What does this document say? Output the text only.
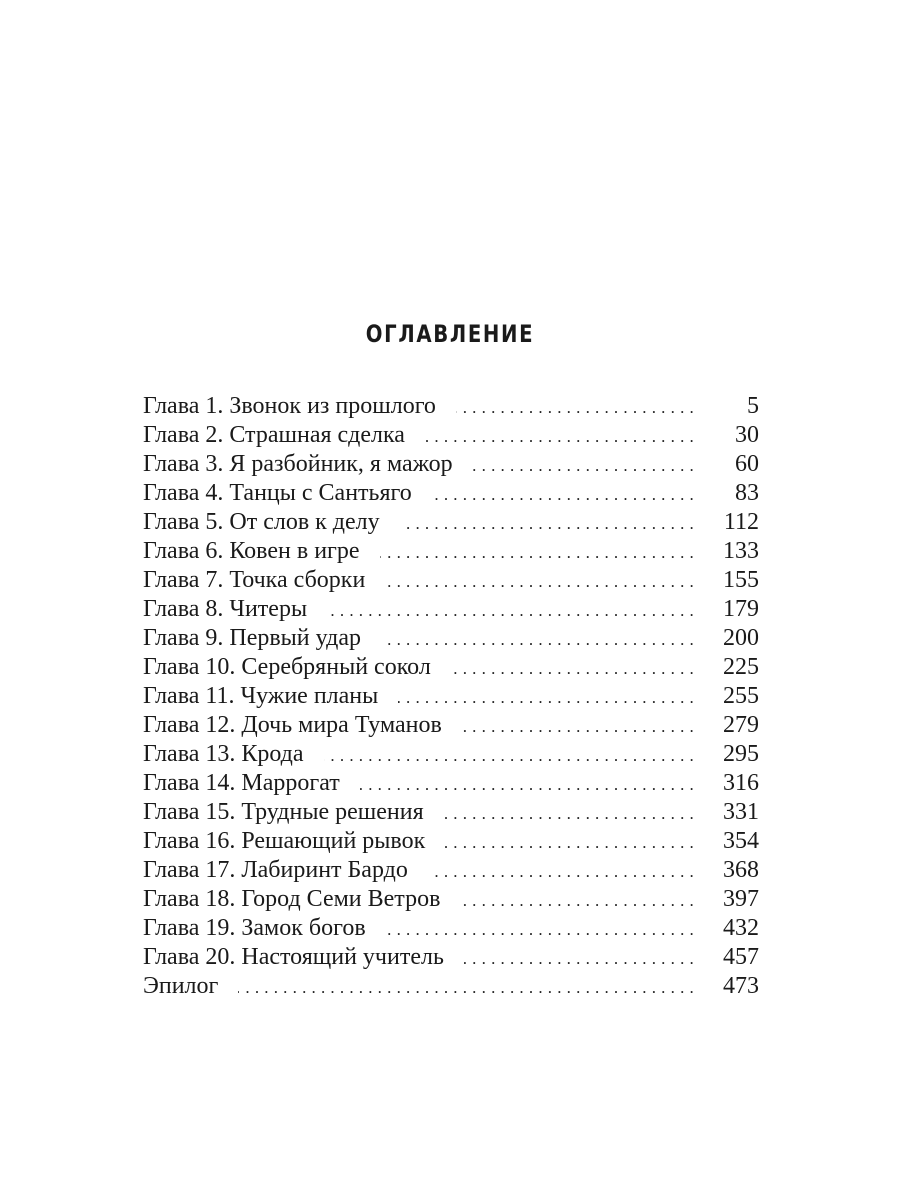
ОГЛАВЛЕНИЕ
Глава 1. Звонок из прошлого .....	5
Глава 2. Страшная сделка .....	30
Глава 3. Я разбойник, я мажор .....	60
Глава 4. Танцы с Сантьяго .....	83
Глава 5. От слов к делу .....	112
Глава 6. Ковен в игре .....	133
Глава 7. Точка сборки .....	155
Глава 8. Читеры .....	179
Глава 9. Первый удар .....	200
Глава 10. Серебряный сокол .....	225
Глава 11. Чужие планы .....	255
Глава 12. Дочь мира Туманов .....	279
Глава 13. Крода .....	295
Глава 14. Маррогат .....	316
Глава 15. Трудные решения .....	331
Глава 16. Решающий рывок .....	354
Глава 17. Лабиринт Бардо .....	368
Глава 18. Город Семи Ветров .....	397
Глава 19. Замок богов .....	432
Глава 20. Настоящий учитель .....	457
Эпилог .....	473
